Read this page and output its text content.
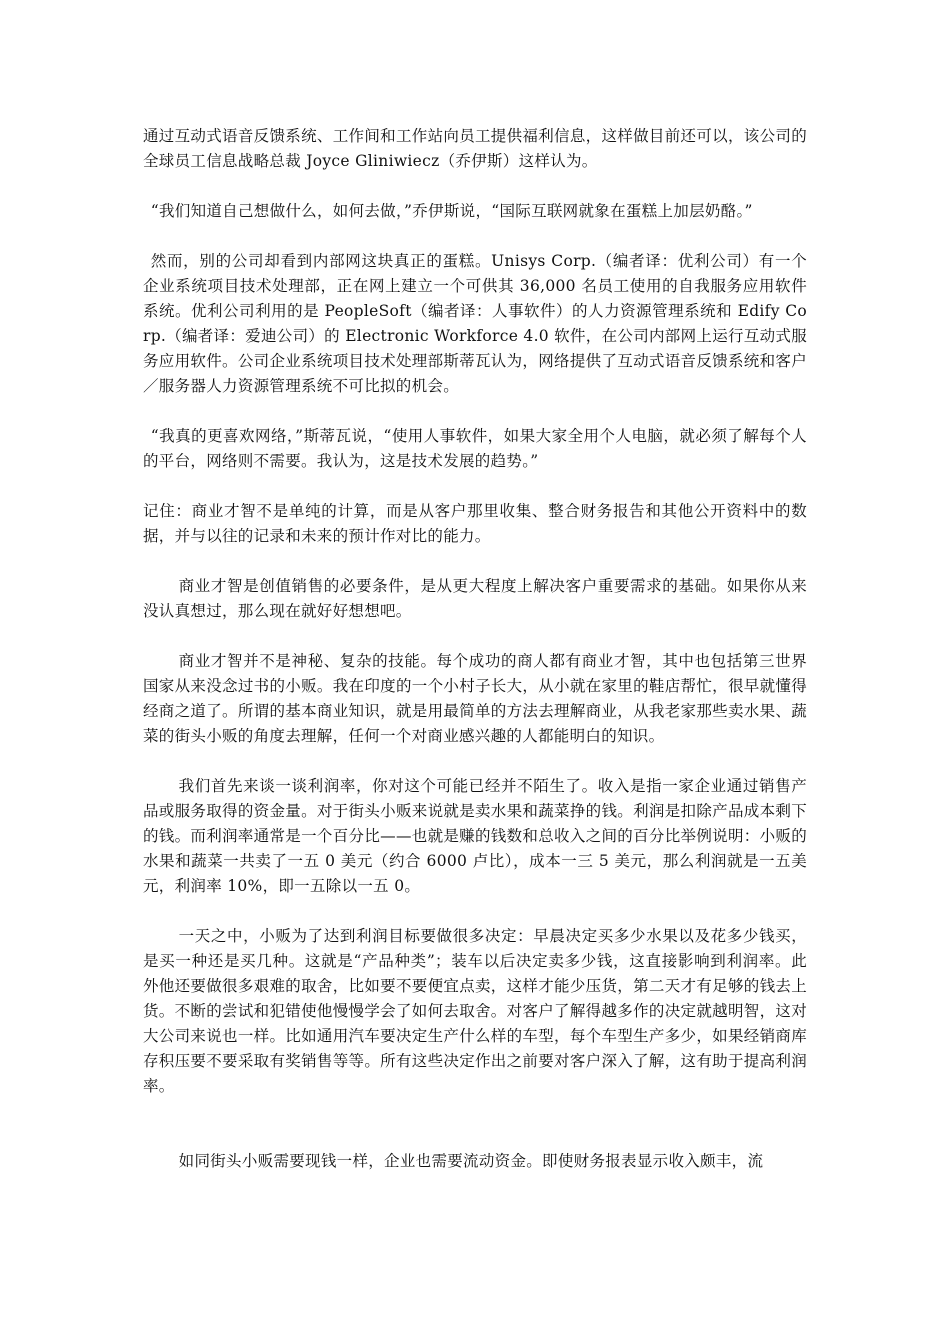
通过互动式语音反馈系统、工作间和工作站向员工提供福利信息，这样做目前还可以，该公司的全球员工信息战略总裁 Joyce Gliniwiecz（乔伊斯）这样认为。

“我们知道自己想做什么，如何去做，”乔伊斯说，“国际互联网就象在蛋糕上加层奶酪。”

然而，别的公司却看到内部网这块真正的蛋糕。Unisys Corp.（编者译：优利公司）有一个企业系统项目技术处理部，正在网上建立一个可供其 36,000 名员工使用的自我服务应用软件系统。优利公司利用的是 PeopleSoft（编者译：人事软件）的人力资源管理系统和 Edify Corp.（编者译：爱迪公司）的 Electronic Workforce 4.0 软件，在公司内部网上运行互动式服务应用软件。公司企业系统项目技术处理部斯蒂瓦认为，网络提供了互动式语音反馈系统和客户／服务器人力资源管理系统不可比拟的机会。

“我真的更喜欢网络，”斯蒂瓦说，“使用人事软件，如果大家全用个人电脑，就必须了解每个人的平台，网络则不需要。我认为，这是技术发展的趋势。”

记住：商业才智不是单纯的计算，而是从客户那里收集、整合财务报告和其他公开资料中的数据，并与以往的记录和未来的预计作对比的能力。

商业才智是创值销售的必要条件，是从更大程度上解决客户重要需求的基础。如果你从来没认真想过，那么现在就好好想想吧。

商业才智并不是神秘、复杂的技能。每个成功的商人都有商业才智，其中也包括第三世界国家从来没念过书的小贩。我在印度的一个小村子长大，从小就在家里的鞋店帮忙，很早就懂得经商之道了。所谓的基本商业知识，就是用最简单的方法去理解商业，从我老家那些卖水果、蔬菜的街头小贩的角度去理解，任何一个对商业感兴趣的人都能明白的知识。

我们首先来谈一谈利润率，你对这个可能已经并不陌生了。收入是指一家企业通过销售产品或服务取得的资金量。对于街头小贩来说就是卖水果和蔬菜挣的钱。利润是扣除产品成本剩下的钱。而利润率通常是一个百分比——也就是赚的钱数和总收入之间的百分比举例说明：小贩的水果和蔬菜一共卖了一五 0 美元（约合 6000 卢比），成本一三 5 美元，那么利润就是一五美元，利润率 10%，即一五除以一五 0。

一天之中，小贩为了达到利润目标要做很多决定：早晨决定买多少水果以及花多少钱买，是买一种还是买几种。这就是“产品种类”；装车以后决定卖多少钱，这直接影响到利润率。此外他还要做很多艰难的取舍，比如要不要便宜点卖，这样才能少压货，第二天才有足够的钱去上货。不断的尝试和犯错使他慢慢学会了如何去取舍。对客户了解得越多作的决定就越明智，这对大公司来说也一样。比如通用汽车要决定生产什么样的车型，每个车型生产多少，如果经销商库存积压要不要采取有奖销售等等。所有这些决定作出之前要对客户深入了解，这有助于提高利润率。

如同街头小贩需要现钱一样，企业也需要流动资金。即使财务报表显示收入颇丰，流
